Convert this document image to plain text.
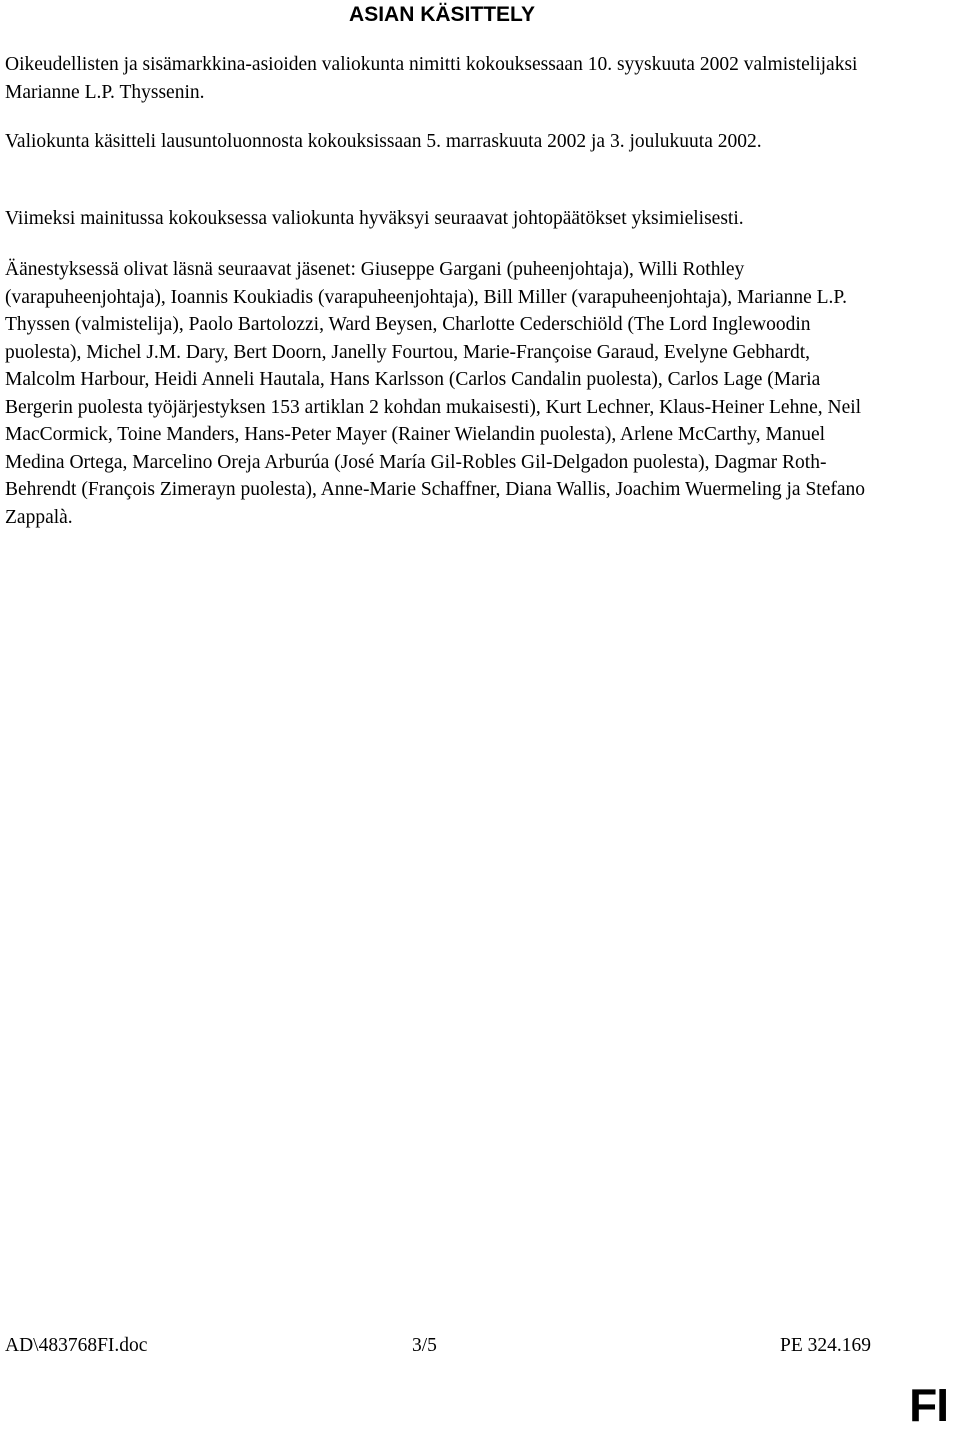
ASIAN KÄSITTELY

Oikeudellisten ja sisämarkkina-asioiden valiokunta nimitti kokouksessaan 10. syyskuuta 2002 valmistelijaksi Marianne L.P. Thyssenin.

Valiokunta käsitteli lausuntoluonnosta kokouksissaan 5. marraskuuta 2002 ja 3. joulukuuta 2002.

Viimeksi mainitussa kokouksessa valiokunta hyväksyi seuraavat johtopäätökset yksimielisesti.

Äänestyksessä olivat läsnä seuraavat jäsenet: Giuseppe Gargani (puheenjohtaja), Willi Rothley (varapuheenjohtaja), Ioannis Koukiadis (varapuheenjohtaja), Bill Miller (varapuheenjohtaja), Marianne L.P. Thyssen (valmistelija), Paolo Bartolozzi, Ward Beysen, Charlotte Cederschiöld (The Lord Inglewoodin puolesta), Michel J.M. Dary, Bert Doorn, Janelly Fourtou, Marie-Françoise Garaud, Evelyne Gebhardt, Malcolm Harbour, Heidi Anneli Hautala, Hans Karlsson (Carlos Candalin puolesta), Carlos Lage (Maria Bergerin puolesta työjärjestyksen 153 artiklan 2 kohdan mukaisesti), Kurt Lechner, Klaus-Heiner Lehne, Neil MacCormick, Toine Manders, Hans-Peter Mayer (Rainer Wielandin puolesta), Arlene McCarthy, Manuel Medina Ortega, Marcelino Oreja Arburúa (José María Gil-Robles Gil-Delgadon puolesta), Dagmar Roth-Behrendt (François Zimerayn puolesta), Anne-Marie Schaffner, Diana Wallis, Joachim Wuermeling ja Stefano Zappalà.

AD\483768FI.doc	3/5	PE 324.169
FI
